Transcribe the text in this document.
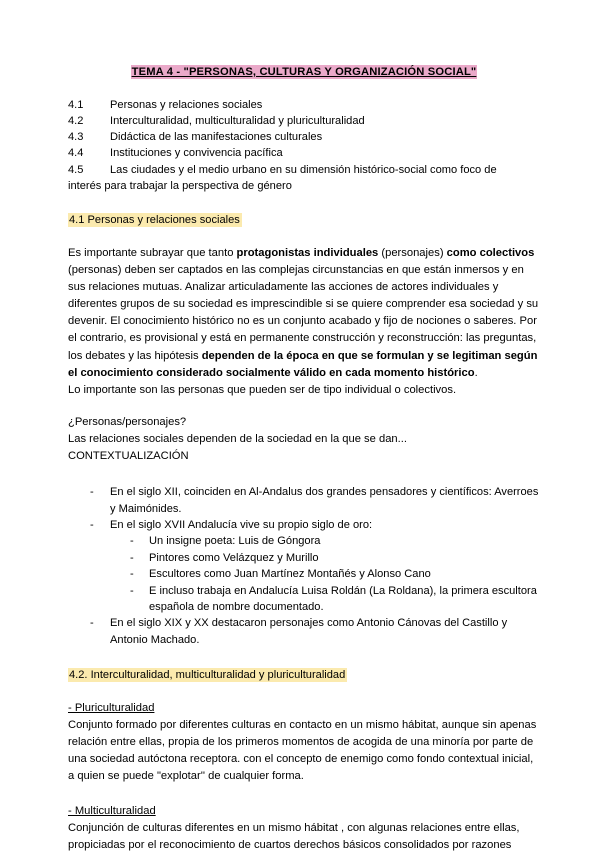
TEMA 4 - "PERSONAS, CULTURAS Y ORGANIZACIÓN SOCIAL"
4.1	Personas y relaciones sociales
4.2	Interculturalidad, multiculturalidad y pluriculturalidad
4.3	Didáctica de las manifestaciones culturales
4.4	Instituciones y convivencia pacífica
4.5	Las ciudades y el medio urbano en su dimensión histórico-social como foco de
interés para trabajar la perspectiva de género
4.1 Personas y relaciones sociales

Es importante subrayar que tanto protagonistas individuales (personajes) como colectivos (personas) deben ser captados en las complejas circunstancias en que están inmersos y en sus relaciones mutuas. Analizar articuladamente las acciones de actores individuales y diferentes grupos de su sociedad es imprescindible si se quiere comprender esa sociedad y su devenir. El conocimiento histórico no es un conjunto acabado y fijo de nociones o saberes. Por el contrario, es provisional y está en permanente construcción y reconstrucción: las preguntas, los debates y las hipótesis dependen de la época en que se formulan y se legitiman según el conocimiento considerado socialmente válido en cada momento histórico.

Lo importante son las personas que pueden ser de tipo individual o colectivos.
¿Personas/personajes?
Las relaciones sociales dependen de la sociedad en la que se dan...
CONTEXTUALIZACIÓN
-	En el siglo XII, coinciden en Al-Andalus dos grandes pensadores y científicos: Averroes y Maimónides.
-	En el siglo XVII Andalucía vive su propio siglo de oro:
-	Un insigne poeta: Luis de Góngora
-	Pintores como Velázquez y Murillo
-	Escultores como Juan Martínez Montañés y Alonso Cano
-	E incluso trabaja en Andalucía Luisa Roldán (La Roldana), la primera escultora española de nombre documentado.
-	En el siglo XIX y XX destacaron personajes como Antonio Cánovas del Castillo y Antonio Machado.
4.2. Interculturalidad, multiculturalidad y pluriculturalidad
- Pluriculturalidad

Conjunto formado por diferentes culturas en contacto en un mismo hábitat, aunque sin apenas relación entre ellas, propia de los primeros momentos de acogida de una minoría por parte de una sociedad autóctona receptora. con el concepto de enemigo como fondo contextual inicial, a quien se puede "explotar'' de cualquier forma.

- Multiculturalidad

Conjunción de culturas diferentes en un mismo hábitat , con algunas relaciones entre ellas, propiciadas por el reconocimiento de cuartos derechos básicos consolidados por razones
